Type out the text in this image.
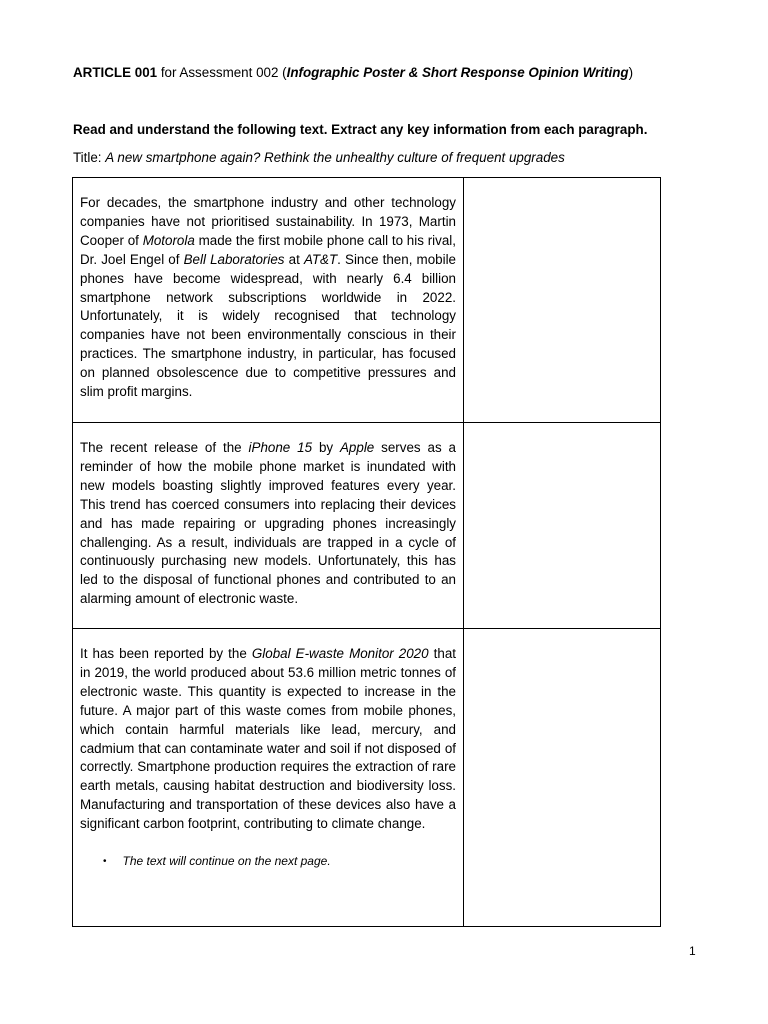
ARTICLE 001 for Assessment 002 (Infographic Poster & Short Response Opinion Writing)
Read and understand the following text. Extract any key information from each paragraph.
Title: A new smartphone again? Rethink the unhealthy culture of frequent upgrades

For decades, the smartphone industry and other technology companies have not prioritised sustainability. In 1973, Martin Cooper of Motorola made the first mobile phone call to his rival, Dr. Joel Engel of Bell Laboratories at AT&T. Since then, mobile phones have become widespread, with nearly 6.4 billion smartphone network subscriptions worldwide in 2022. Unfortunately, it is widely recognised that technology companies have not been environmentally conscious in their practices. The smartphone industry, in particular, has focused on planned obsolescence due to competitive pressures and slim profit margins.	

The recent release of the iPhone 15 by Apple serves as a reminder of how the mobile phone market is inundated with new models boasting slightly improved features every year. This trend has coerced consumers into replacing their devices and has made repairing or upgrading phones increasingly challenging. As a result, individuals are trapped in a cycle of continuously purchasing new models. Unfortunately, this has led to the disposal of functional phones and contributed to an alarming amount of electronic waste.	

It has been reported by the Global E-waste Monitor 2020 that in 2019, the world produced about 53.6 million metric tonnes of electronic waste. This quantity is expected to increase in the future. A major part of this waste comes from mobile phones, which contain harmful materials like lead, mercury, and cadmium that can contaminate water and soil if not disposed of correctly. Smartphone production requires the extraction of rare earth metals, causing habitat destruction and biodiversity loss. Manufacturing and transportation of these devices also have a significant carbon footprint, contributing to climate change.

• The text will continue on the next page.	

1
